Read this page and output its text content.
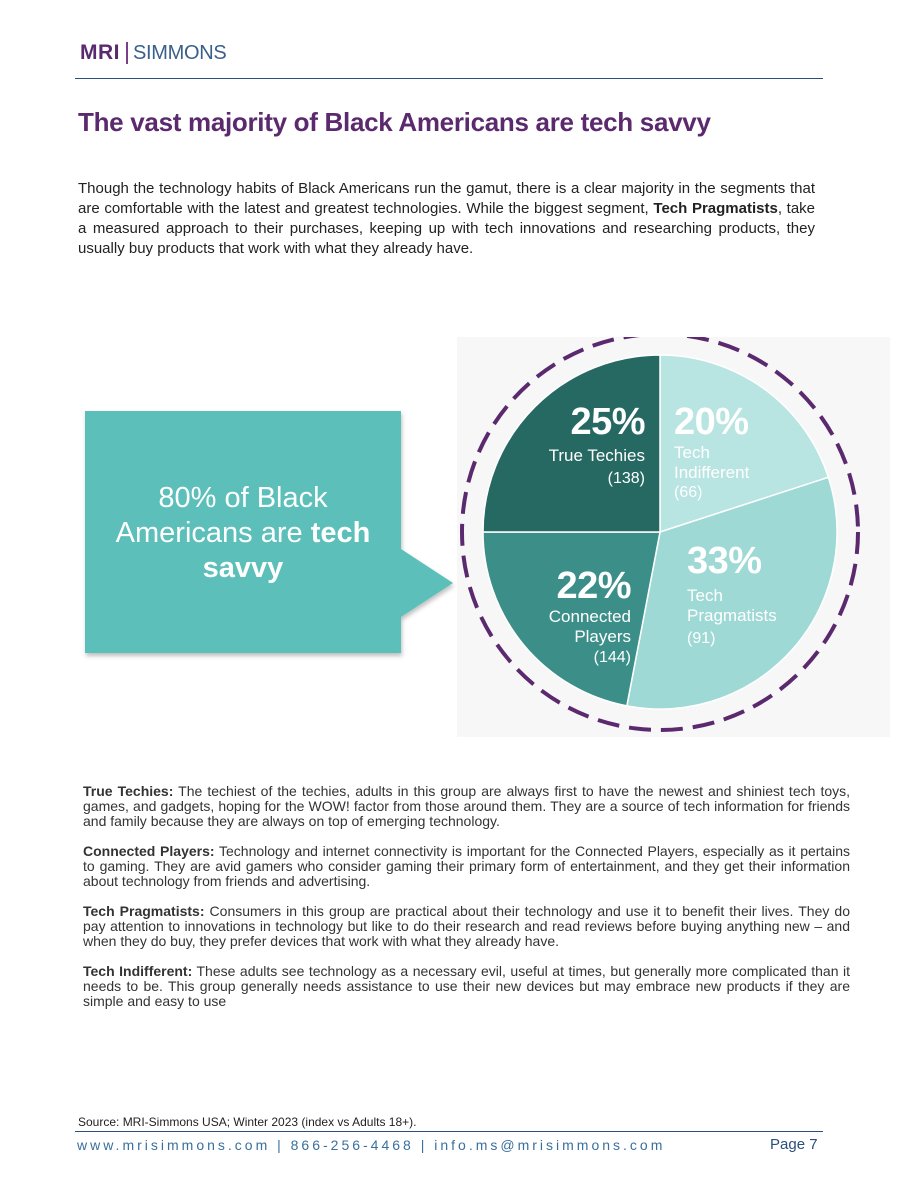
MRI SIMMONS
The vast majority of Black Americans are tech savvy

Though the technology habits of Black Americans run the gamut, there is a clear majority in the segments that are comfortable with the latest and greatest technologies. While the biggest segment, Tech Pragmatists, take a measured approach to their purchases, keeping up with tech innovations and researching products, they usually buy products that work with what they already have.

80% of Black
Americans are tech
savvy
20%
Tech
Indifferent
(66)
33%
Tech
Pragmatists
(91)
22%
Connected
Players
(144)
25%
True Techies
(138)

True Techies: The techiest of the techies, adults in this group are always first to have the newest and shiniest tech toys, games, and gadgets, hoping for the WOW! factor from those around them. They are a source of tech information for friends and family because they are always on top of emerging technology.

Connected Players: Technology and internet connectivity is important for the Connected Players, especially as it pertains to gaming. They are avid gamers who consider gaming their primary form of entertainment, and they get their information about technology from friends and advertising.

Tech Pragmatists: Consumers in this group are practical about their technology and use it to benefit their lives. They do pay attention to innovations in technology but like to do their research and read reviews before buying anything new – and when they do buy, they prefer devices that work with what they already have.

Tech Indifferent: These adults see technology as a necessary evil, useful at times, but generally more complicated than it needs to be. This group generally needs assistance to use their new devices but may embrace new products if they are simple and easy to use

Source: MRI-Simmons USA; Winter 2023 (index vs Adults 18+).
www.mrisimmons.com | 866-256-4468 | info.ms@mrisimmons.com	Page 7
